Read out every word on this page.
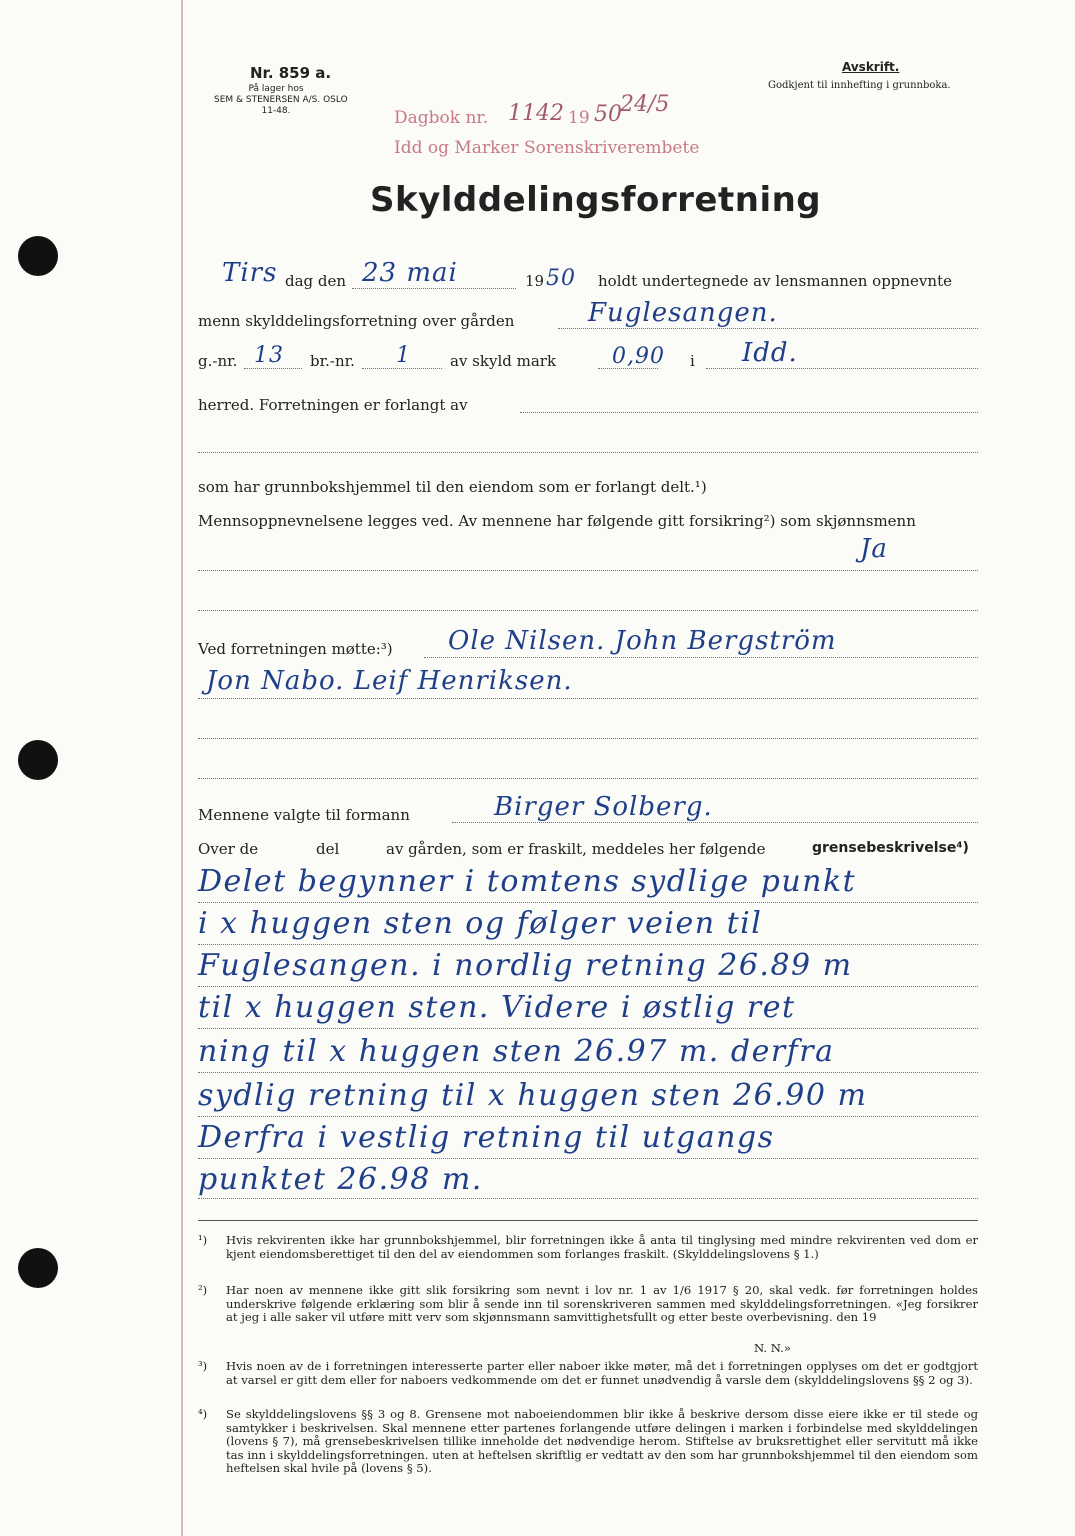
Nr. 859 a.
På lager hos
SEM & STENERSEN A/S. OSLO
11-48.
Avskrift.
Godkjent til innhefting i grunnboka.
Dagbok nr. 1142 19 50
24/5
Idd og Marker Sorenskriverembete
Skylddelingsforretning
Tirs dag den 23 mai	19 50 holdt undertegnede av lensmannen oppnevnte
menn skylddelingsforretning over gården	Fuglesangen.
g.-nr. 13 br.-nr. 1	av skyld mark	0,90 i Idd.
herred. Forretningen er forlangt av
som har grunnbokshjemmel til den eiendom som er forlangt delt.¹)
Mennsoppnevnelsene legges ved. Av mennene har følgende gitt forsikring²) som skjønnsmenn
Ja
Ved forretningen møtte:³) Ole Nilsen. John Bergström
Jon Nabo. Leif Henriksen.
Mennene valgte til formann	Birger Solberg.
Over de	del	av gården, som er fraskilt, meddeles her følgende	grensebeskrivelse⁴)
Delet begynner i tomtens sydlige punkt
i x huggen sten og følger veien til
Fuglesangen. i nordlig retning 26.89 m
til x huggen sten. Videre i østlig ret
ning til x huggen sten 26.97 m. derfra
sydlig retning til x huggen sten 26.90 m
Derfra i vestlig retning til utgangs
punktet 26.98 m.
¹) Hvis rekvirenten ikke har grunnbokshjemmel, blir forretningen ikke å anta til tinglysing med mindre rekvirenten ved dom er kjent eiendomsberettiget til den del av eiendommen som forlanges fraskilt. (Skylddelingslovens § 1.)
²) Har noen av mennene ikke gitt slik forsikring som nevnt i lov nr. 1 av 1/6 1917 § 20, skal vedk. før forretningen holdes underskrive følgende erklæring som blir å sende inn til sorenskriveren sammen med skylddelingsforretningen. «Jeg forsikrer at jeg i alle saker vil utføre mitt verv som skjønnsmann samvittighetsfullt og etter beste overbevisning. den 19
N. N.»
³) Hvis noen av de i forretningen interesserte parter eller naboer ikke møter, må det i forretningen opplyses om det er godtgjort at varsel er gitt dem eller for naboers vedkommende om det er funnet unødvendig å varsle dem (skylddelingslovens §§ 2 og 3).
⁴) Se skylddelingslovens §§ 3 og 8. Grensene mot naboeiendommen blir ikke å beskrive dersom disse eiere ikke er til stede og samtykker i beskrivelsen. Skal mennene etter partenes forlangende utføre delingen i marken i forbindelse med skylddelingen (lovens § 7), må grensebeskrivelsen tillike inneholde det nødvendige herom. Stiftelse av bruksrettighet eller servitutt må ikke tas inn i skylddelingsforretningen. uten at heftelsen skriftlig er vedtatt av den som har grunnbokshjemmel til den eiendom som heftelsen skal hvile på (lovens § 5).
